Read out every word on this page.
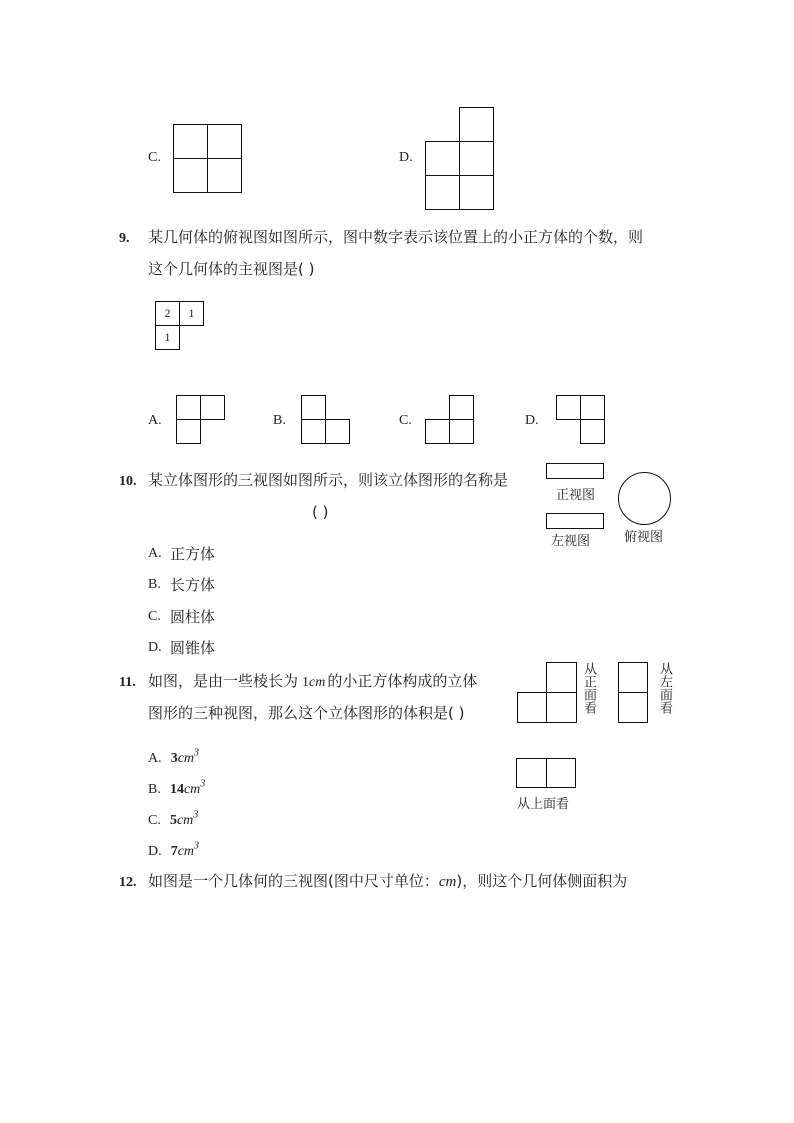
C.	D.
9. 某几何体的俯视图如图所示，图中数字表示该位置上的小正方体的个数，则
这个几何体的主视图是( )
2	1
1
A.	B.	C.	D.
10. 某立体图形的三视图如图所示，则该立体图形的名称是
( )
正视图
左视图	俯视图
A. 正方体
B. 长方体
C. 圆柱体
D. 圆锥体
11. 如图，是由一些棱长为 1cm 的小正方体构成的立体
图形的三种视图，那么这个立体图形的体积是( )	从正面看	从左面看
从上面看
A. $3cm^3$
B. $14cm^3$
C. $5cm^3$
D. $7cm^3$
12. 如图是一个几体何的三视图(图中尺寸单位：cm)，则这个几何体侧面积为
